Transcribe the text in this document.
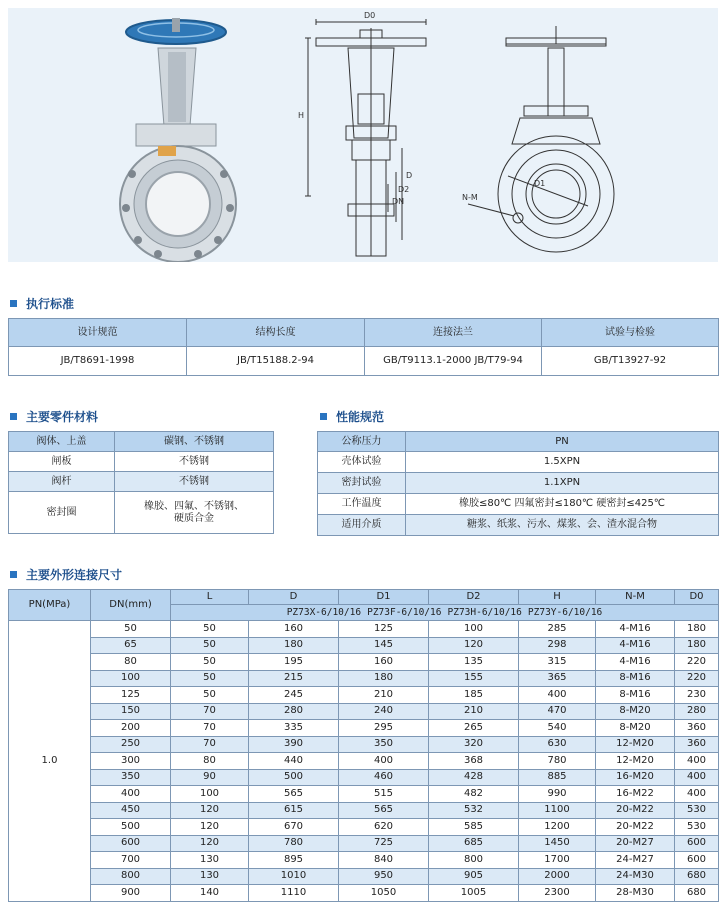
D0
H
DN
D2
D
D1
N-M
执行标准
设计规范	结构长度	连接法兰	试验与检验
JB/T8691-1998	JB/T15188.2-94	GB/T9113.1-2000 JB/T79-94	GB/T13927-92
主要零件材料
阀体、上盖	碳钢、不锈钢
闸板	不锈钢
阀杆	不锈钢
密封圈	橡胶、四氟、不锈钢、
硬质合金
性能规范
公称压力	PN
壳体试验	1.5XPN
密封试验	1.1XPN
工作温度	橡胶≤80℃ 四氟密封≤180℃ 硬密封≤425℃
适用介质	糖浆、纸浆、污水、煤浆、会、渣水混合物
主要外形连接尺寸
PN(MPa)	DN(mm)	L	D	D1	D2	H	N-M	D0
		PZ73X-6/10/16 PZ73F-6/10/16 PZ73H-6/10/16 PZ73Y-6/10/16						
1.0	50	50	160	125	100	285	4-M16	180
	65	50	180	145	120	298	4-M16	180
	80	50	195	160	135	315	4-M16	220
	100	50	215	180	155	365	8-M16	220
	125	50	245	210	185	400	8-M16	230
	150	70	280	240	210	470	8-M20	280
	200	70	335	295	265	540	8-M20	360
	250	70	390	350	320	630	12-M20	360
	300	80	440	400	368	780	12-M20	400
	350	90	500	460	428	885	16-M20	400
	400	100	565	515	482	990	16-M22	400
	450	120	615	565	532	1100	20-M22	530
	500	120	670	620	585	1200	20-M22	530
	600	120	780	725	685	1450	20-M27	600
	700	130	895	840	800	1700	24-M27	600
	800	130	1010	950	905	2000	24-M30	680
	900	140	1110	1050	1005	2300	28-M30	680
